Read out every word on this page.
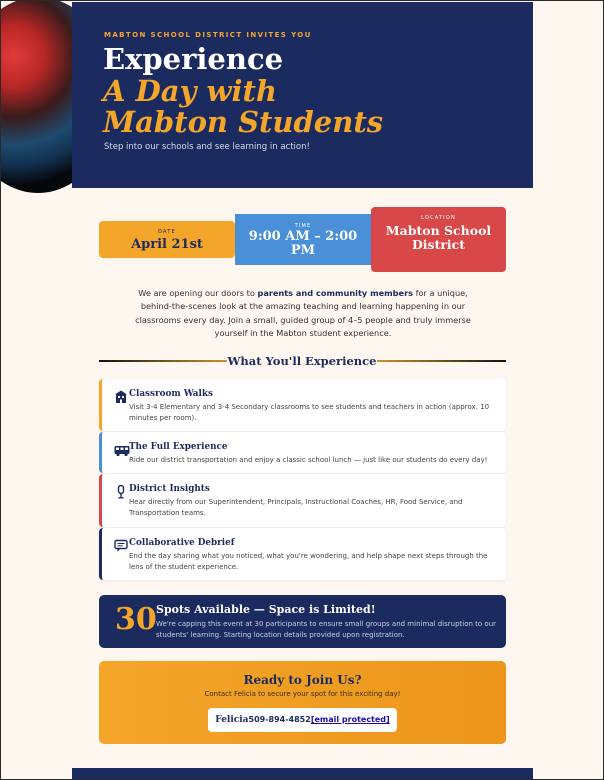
MABTON SCHOOL DISTRICT INVITES YOU
Experience
A Day with
Mabton Students
Step into our schools and see learning in action!
DATE
April 21st
TIME
9:00 AM – 2:00 PM
LOCATION
Mabton School District
We are opening our doors to parents and community members for a unique, behind-the-scenes look at the amazing teaching and learning happening in our classrooms every day. Join a small, guided group of 4–5 people and truly immerse yourself in the Mabton student experience.
What You'll Experience
Classroom Walks
Visit 3-4 Elementary and 3-4 Secondary classrooms to see students and teachers in action (approx. 10 minutes per room).
The Full Experience
Ride our district transportation and enjoy a classic school lunch — just like our students do every day!
District Insights
Hear directly from our Superintendent, Principals, Instructional Coaches, HR, Food Service, and Transportation teams.
Collaborative Debrief
End the day sharing what you noticed, what you're wondering, and help shape next steps through the lens of the student experience.
30 Spots Available — Space is Limited!
We're capping this event at 30 participants to ensure small groups and minimal disruption to our students' learning. Starting location details provided upon registration.
Ready to Join Us?
Contact Felicia to secure your spot for this exciting day!
Felicia509-894-4852[email protected]
